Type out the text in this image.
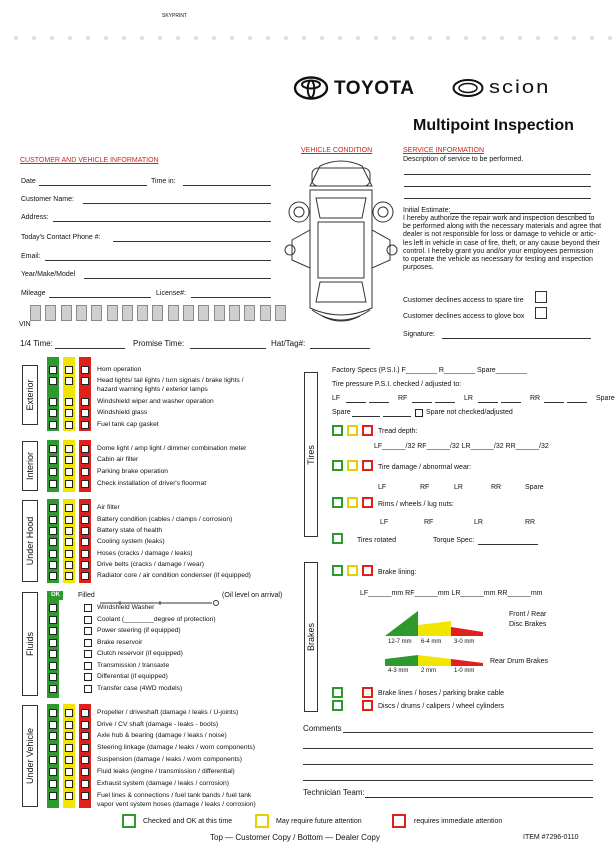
SKYPRINT
TOYOTA	scion
Multipoint Inspection
CUSTOMER AND VEHICLE INFORMATION
Date	Time in:
Customer Name:
Address:
Today's Contact Phone #:
Email:
Year/Make/Model
Mileage	License#:
VIN
VEHICLE CONDITION	SERVICE INFORMATION
Description of service to be performed.
Initial Estimate:
I hereby authorize the repair work and inspection described to
be performed along with the necessary materials and agree that
dealer is not responsible for loss or damage to vehicle or artic-
les left in vehicle in case of fire, theft, or any cause beyond their
control. I hereby grant you and/or your employees permission
to operate the vehicle as necessary for testing and inspection
purposes.
Customer declines access to spare tire
Customer declines access to glove box
Signature:
1/4 Time:	Promise Time:	Hat/Tag#:
Exterior
Horn operation
Head lights/ tail lights / turn signals / brake lights /
Windshield wiper and washer operation
Windshield glass
Fuel tank cap gasket
hazard warning lights / exterior lamps
Interior
Dome light / amp light / dimmer combination meter
Cabin air filter
Parking brake operation
Check installation of driver's floormat
Under Hood
Air filter
Battery condition (cables / clamps / corrosion)
Battery state of health
Cooling system (leaks)
Hoses (cracks / damage / leaks)
Drive belts (cracks / damage / wear)
Radiator core / air condition condenser (if equipped)
Under Vehicle
Propeller / driveshaft (damage / leaks / U-joints)
Drive / CV shaft (damage - leaks - boots)
Axle hub & bearing (damage / leaks / noise)
Steering linkage (damage / leaks / worn components)
Suspension (damage / leaks / worn components)
Fluid leaks (engine / transmission / differential)
Exhaust system (damage / leaks / corrosion)
Fuel lines & connections / fuel tank bands / fuel tank
vapor vent system hoses (damage / leaks / corrosion)
Fluids
Windshield Washer
Coolant (________degree of protection)
Power steering (if equipped)
Brake reservoir
Clutch reservoir (if equipped)
Transmission / transaxle
Differential (if equipped)
Transfer case (4WD models)
OK	Filled	(Oil level on arrival)
Tires
Factory Specs (P.S.I.) F________ R________ Spare________
Tire pressure P.S.I. checked / adjusted to:
LF	RF	LR	RR	Spare
Spare	Spare not checked/adjusted
Tread depth:
LF______/32 RF______/32 LR______/32 RR______/32
Tire damage / abnormal wear:
LF	RF	LR	RR	Spare
Rims / wheels / lug nuts:
LF	RF	LR	RR
Tires rotated	Torque Spec:
Brakes
Brake lining:
LF______mm RF______mm LR______mm RR______mm
12-7 mm 6-4 mm 3-0 mm
Front / Rear
Disc Brakes
4-3 mm 2 mm	1-0 mm
Rear Drum Brakes
Brake lines / hoses / parking brake cable
Discs / drums / calipers / wheel cylinders
Comments
Technician Team:
Checked and OK at this time	May require future attention	requires immediate attention
Top — Customer Copy / Bottom — Dealer Copy	ITEM #7296-0110
